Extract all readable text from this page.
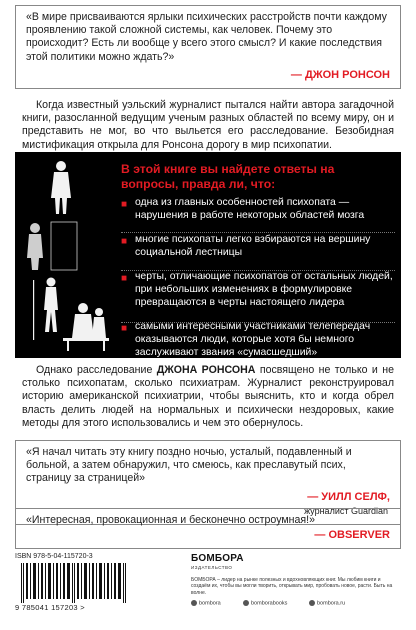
«В мире присваиваются ярлыки психических расстройств почти каждому проявлению такой сложной системы, как человек. Почему это происходит? Есть ли вообще у всего этого смысл? И какие последствия этой политики можно ждать?»
— ДЖОН РОНСОН
Когда известный уэльский журналист пытался найти автора загадочной книги, разосланной ведущим ученым разных областей по всему миру, он и представить не мог, во что выльется его расследование. Безобидная мистификация открыла для Ронсона дорогу в мир психопатии.
В этой книге вы найдете ответы на вопросы, правда ли, что:
■ одна из главных особенностей психопата — нарушения в работе некоторых областей мозга
■ многие психопаты легко взбираются на вершину социальной лестницы
■ черты, отличающие психопатов от остальных людей, при небольших изменениях в формулировке превращаются в черты настоящего лидера
■ самыми интересными участниками телепередач оказываются люди, которые хотя бы немного заслуживают звания «сумасшедший»
Однако расследование ДЖОНА РОНСОНА посвящено не только и не столько психопатам, сколько психиатрам. Журналист реконструировал историю американской психиатрии, чтобы выяснить, кто и когда обрел власть делить людей на нормальных и психически нездоровых, какие методы для этого использовались и чем это обернулось.
«Я начал читать эту книгу поздно ночью, усталый, подавленный и больной, а затем обнаружил, что смеюсь, как преславутый псих, страницу за страницей»
— УИЛЛ СЕЛФ,
журналист Guardian
«Интересная, провокационная и бесконечно остроумная!»
— OBSERVER
ISBN 978-5-04-115720-3
9 785041 157203 >
БОМБОРА
ИЗДАТЕЛЬСТВО
БОМБОРА – лидер на рынке полезных и вдохновляющих книг. Мы любим книги и создаём их, чтобы вы могли творить, открывать мир, пробовать новое, расти. Быть на волне.
bombora	bomborabooks	bombora.ru
